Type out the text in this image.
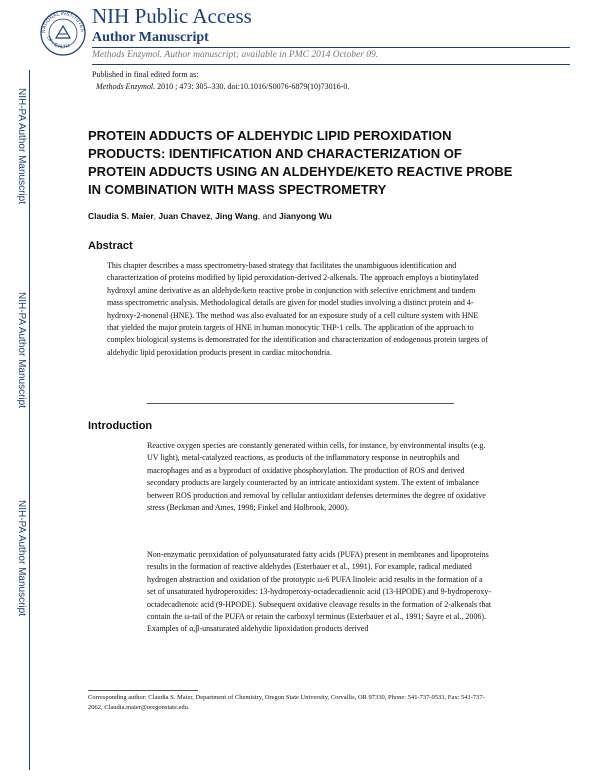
NATIONAL INSTITUTES
OF HEALTH
NIH Public Access
Author Manuscript
Methods Enzymol. Author manuscript; available in PMC 2014 October 09.
Published in final edited form as:
Methods Enzymol. 2010 ; 473: 305–330. doi:10.1016/S0076-6879(10)73016-0.
NIH-PA Author Manuscript
NIH-PA Author Manuscript
NIH-PA Author Manuscript
PROTEIN ADDUCTS OF ALDEHYDIC LIPID PEROXIDATION PRODUCTS: IDENTIFICATION AND CHARACTERIZATION OF PROTEIN ADDUCTS USING AN ALDEHYDE/KETO REACTIVE PROBE IN COMBINATION WITH MASS SPECTROMETRY
Claudia S. Maier, Juan Chavez, Jing Wang, and Jianyong Wu
Abstract

This chapter describes a mass spectrometry-based strategy that facilitates the unambiguous identification and characterization of proteins modified by lipid peroxidation-derived 2-alkenals. The approach employs a biotinylated hydroxyl amine derivative as an aldehyde/keto reactive probe in conjunction with selective enrichment and tandem mass spectrometric analysis. Methodological details are given for model studies involving a distinct protein and 4-hydroxy-2-nonenal (HNE). The method was also evaluated for an exposure study of a cell culture system with HNE that yielded the major protein targets of HNE in human monocytic THP-1 cells. The application of the approach to complex biological systems is demonstrated for the identification and characterization of endogenous protein targets of aldehydic lipid peroxidation products present in cardiac mitochondria.

Introduction

Reactive oxygen species are constantly generated within cells, for instance, by environmental insults (e.g. UV light), metal-catalyzed reactions, as products of the inflammatory response in neutrophils and macrophages and as a byproduct of oxidative phosphorylation. The production of ROS and derived secondary products are largely counteracted by an intricate antioxidant system. The extent of imbalance between ROS production and removal by cellular antioxidant defenses determines the degree of oxidative stress (Beckman and Ames, 1998; Finkel and Holbrook, 2000).

Non-enzymatic peroxidation of polyunsaturated fatty acids (PUFA) present in membranes and lipoproteins results in the formation of reactive aldehydes (Esterbauer et al., 1991). For example, radical mediated hydrogen abstraction and oxidation of the prototypic ω-6 PUFA linoleic acid results in the formation of a set of unsaturated hydroperoxides: 13-hydroperoxy-octadecadienoic acid (13-HPODE) and 9-hydroperoxy-octadecadienoic acid (9-HPODE). Subsequent oxidative cleavage results in the formation of 2-alkenals that contain the ω-tail of the PUFA or retain the carboxyl terminus (Esterbauer et al., 1991; Sayre et al., 2006). Examples of α,β-unsaturated aldehydic lipoxidation products derived

Corresponding author: Claudia S. Maier, Department of Chemistry, Oregon State University, Corvallis, OR 97330, Phone: 541-737-9533, Fax: 541-737-2062, Claudia.maier@oregonstate.edu.
